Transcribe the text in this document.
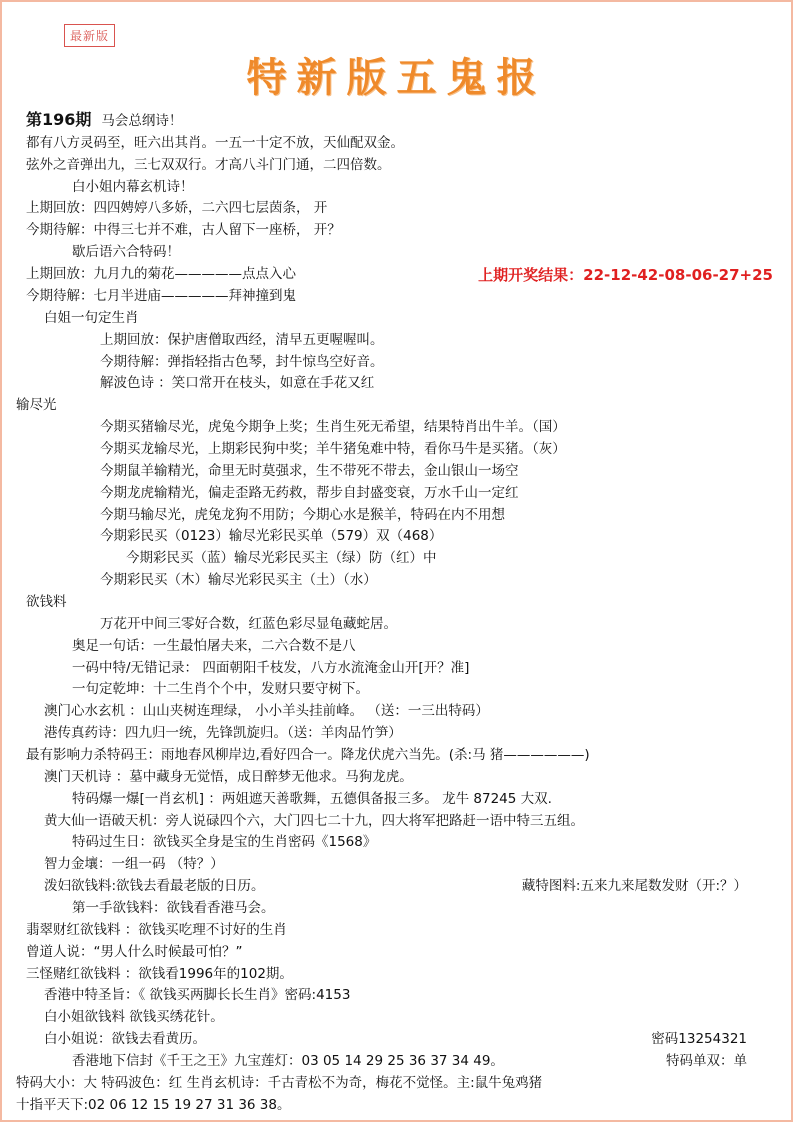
最新版
特新版五鬼报
上期开奖结果：22-12-42-08-06-27+25
第196期 马会总纲诗！
都有八方灵码至，旺六出其肖。一五一十定不放，天仙配双金。
弦外之音弹出九，三七双双行。才高八斗门门通，二四倍数。
白小姐内幕玄机诗！
上期回放：四四娉婷八多娇，二六四七层茵条， 开
今期待解：中得三七并不难，古人留下一座桥， 开？
歇后语六合特码！
上期回放：九月九的菊花—————点点入心
今期待解：七月半进庙—————拜神撞到鬼
白姐一句定生肖
上期回放：保护唐僧取西经，清早五更喔喔叫。
今期待解：弹指轻指古色琴，封牛惊鸟空好音。
解波色诗 ：笑口常开在枝头，如意在手花又红
输尽光
今期买猪输尽光，虎兔今期争上奖；生肖生死无希望，结果特肖出牛羊。（国）
今期买龙输尽光，上期彩民狗中奖；羊牛猪兔难中特，看你马牛是买猪。（灰）
今期鼠羊输精光，命里无时莫强求，生不带死不带去，金山银山一场空
今期龙虎输精光，偏走歪路无药救，帮步自封盛变衰，万水千山一定红
今期马输尽光，虎兔龙狗不用防；今期心水是猴羊，特码在内不用想
今期彩民买（0123）输尽光彩民买单（579）双（468）
今期彩民买（蓝）输尽光彩民买主（绿）防（红）中
今期彩民买（木）输尽光彩民买主（土）（水）
欲钱料
万花开中间三零好合数，红蓝色彩尽显龟藏蛇居。
奥足一句话：一生最怕屠夫来，二六合数不是八
一码中特/无错记录： 四面朝阳千枝发，八方水流淹金山开[开？准]
一句定乾坤：十二生肖个个中，发财只要守树下。
澳门心水玄机 ：山山夹树连理绿， 小小羊头挂前峰。 （送：一三出特码）
港传真药诗：四九归一统，先锋凯旋归。（送：羊肉品竹笋）
最有影响力杀特码王：雨地春风柳岸边,看好四合一。降龙伏虎六当先。(杀:马 猪——————)
澳门天机诗 ：墓中藏身无觉悟，成日醉梦无他求。马狗龙虎。
特码爆一爆[一肖玄机] ：两姐遮天善歌舞，五德俱备报三多。 龙牛 87245 大双.
黄大仙一语破天机：旁人说碌四个六，大门四七二十九，四大将军把路赶一语中特三五组。
特码过生日：欲钱买全身是宝的生肖密码《1568》
智力金壤：一组一码 （特？）
泼妇欲钱料:欲钱去看最老版的日历。	藏特图料:五来九来尾数发财（开:？）
第一手欲钱料：欲钱看香港马会。
翡翠财红欲钱料 ：欲钱买吃理不讨好的生肖
曾道人说：“男人什么时候最可怕？”
三怪赌红欲钱料 ：欲钱看1996年的102期。
香港中特圣旨：《 欲钱买两脚长长生肖》密码:4153
白小姐欲钱料 欲钱买绣花针。
白小姐说：欲钱去看黄历。	密码13254321
香港地下信封《千王之王》九宝莲灯：03 05 14 29 25 36 37 34 49。	特码单双：单
特码大小：大 特码波色：红 生肖玄机诗：千古青松不为奇，梅花不觉怪。主:鼠牛兔鸡猪
十指平天下:02 06 12 15 19 27 31 36 38。
